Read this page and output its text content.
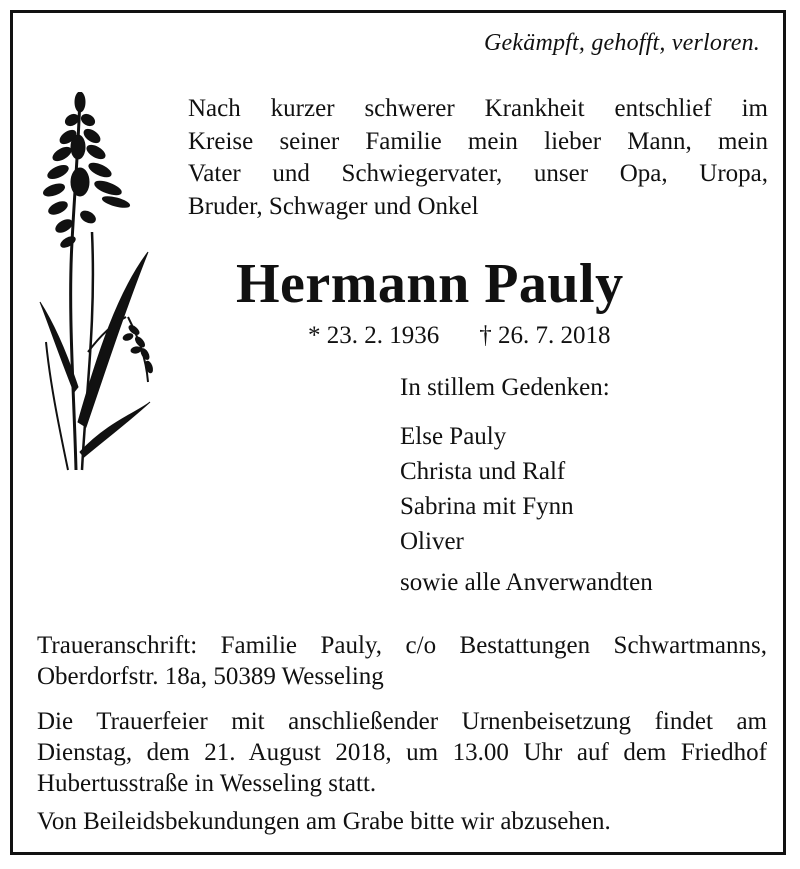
Gekämpft, gehofft, verloren.
Nach kurzer schwerer Krankheit entschlief im
Kreise seiner Familie mein lieber Mann, mein
Vater und Schwiegervater, unser Opa, Uropa,
Bruder, Schwager und Onkel
Hermann Pauly
* 23. 2. 1936 † 26. 7. 2018
In stillem Gedenken:
Else Pauly
Christa und Ralf
Sabrina mit Fynn
Oliver
sowie alle Anverwandten
Traueranschrift: Familie Pauly, c/o Bestattungen Schwartmanns,
Oberdorfstr. 18a, 50389 Wesseling
Die Trauerfeier mit anschließender Urnenbeisetzung findet am
Dienstag, dem 21. August 2018, um 13.00 Uhr auf dem Friedhof
Hubertusstraße in Wesseling statt.
Von Beileidsbekundungen am Grabe bitte wir abzusehen.
